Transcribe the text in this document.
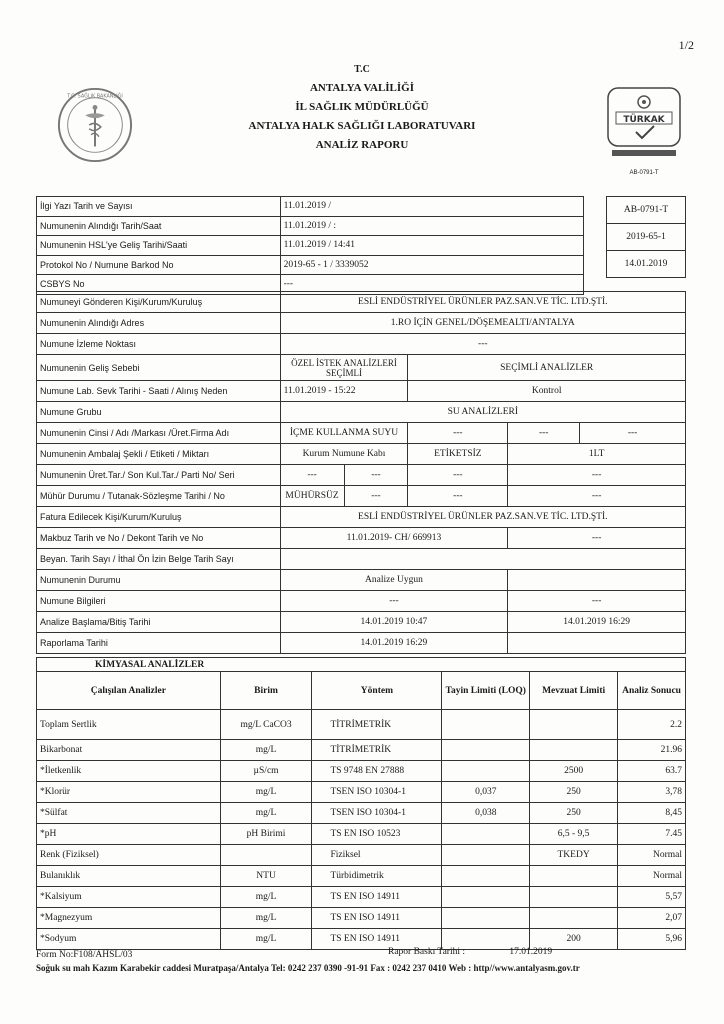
1/2
T.C. SAĞLIK BAKANLIĞI
T.C
ANTALYA VALİLİĞİ
İL SAĞLIK MÜDÜRLÜĞÜ
ANTALYA HALK SAĞLIĞI LABORATUVARI
ANALİZ RAPORU
TÜRKAK
AB-0791-T
İlgi Yazı Tarih ve Sayısı	11.01.2019 /
Numunenin Alındığı Tarih/Saat	11.01.2019 / :
Numunenin HSL'ye Geliş Tarihi/Saati	11.01.2019 / 14:41
Protokol No / Numune Barkod No	2019-65 - 1 / 3339052
CSBYS No	---
AB-0791-T
2019-65-1
14.01.2019
Numuneyi Gönderen Kişi/Kurum/Kuruluş	ESLİ ENDÜSTRİYEL ÜRÜNLER PAZ.SAN.VE TİC. LTD.ŞTİ.				
Numunenin Alındığı Adres	1.RO İÇİN GENEL/DÖŞEMEALTI/ANTALYA				
Numune İzleme Noktası	---				
Numunenin Geliş Sebebi	ÖZEL İSTEK ANALİZLERİ SEÇİMLİ		SEÇİMLİ ANALİZLER		
Numune Lab. Sevk Tarihi - Saati / Alınış Neden	11.01.2019 - 15:22		Kontrol		
Numune Grubu	SU ANALİZLERİ				
Numunenin Cinsi / Adı /Markası /Üret.Firma Adı	İÇME KULLANMA SUYU		---	---	---
Numunenin Ambalaj Şekli / Etiketi / Miktarı	Kurum Numune Kabı		ETİKETSİZ	1LT	
Numunenin Üret.Tar./ Son Kul.Tar./ Parti No/ Seri	---	---	---	---	
Mühür Durumu / Tutanak-Sözleşme Tarihi / No	MÜHÜRSÜZ	---	---	---	
Fatura Edilecek Kişi/Kurum/Kuruluş	ESLİ ENDÜSTRİYEL ÜRÜNLER PAZ.SAN.VE TİC. LTD.ŞTİ.				
Makbuz Tarih ve No / Dekont Tarih ve No	11.01.2019- CH/ 669913			---	
Beyan. Tarih Sayı / İthal Ön İzin Belge Tarih Sayı					
Numunenin Durumu	Analize Uygun				
Numune Bilgileri	---			---	
Analize Başlama/Bitiş Tarihi	14.01.2019 10:47			14.01.2019 16:29	
Raporlama Tarihi	14.01.2019 16:29				
KİMYASAL ANALİZLER					
Çalışılan Analizler	Birim	Yöntem	Tayin Limiti (LOQ)	Mevzuat Limiti	Analiz Sonucu
Toplam Sertlik	mg/L CaCO3	TİTRİMETRİK			2.2
Bikarbonat	mg/L	TİTRİMETRİK			21.96
*İletkenlik	µS/cm	TS 9748 EN 27888		2500	63.7
*Klorür	mg/L	TSEN ISO 10304-1	0,037	250	3,78
*Sülfat	mg/L	TSEN ISO 10304-1	0,038	250	8,45
*pH	pH Birimi	TS EN ISO 10523		6,5 - 9,5	7.45
Renk (Fiziksel)		Fiziksel		TKEDY	Normal
Bulanıklık	NTU	Türbidimetrik			Normal
*Kalsiyum	mg/L	TS EN ISO 14911			5,57
*Magnezyum	mg/L	TS EN ISO 14911			2,07
*Sodyum	mg/L	TS EN ISO 14911		200	5,96
Form No:F108/AHSL/03	Rapor Baskı Tarihi :	17.01.2019
Soğuk su mah Kazım Karabekir caddesi Muratpaşa/Antalya Tel: 0242 237 0390 -91-91 Fax : 0242 237 0410 Web : http//www.antalyasm.gov.tr
